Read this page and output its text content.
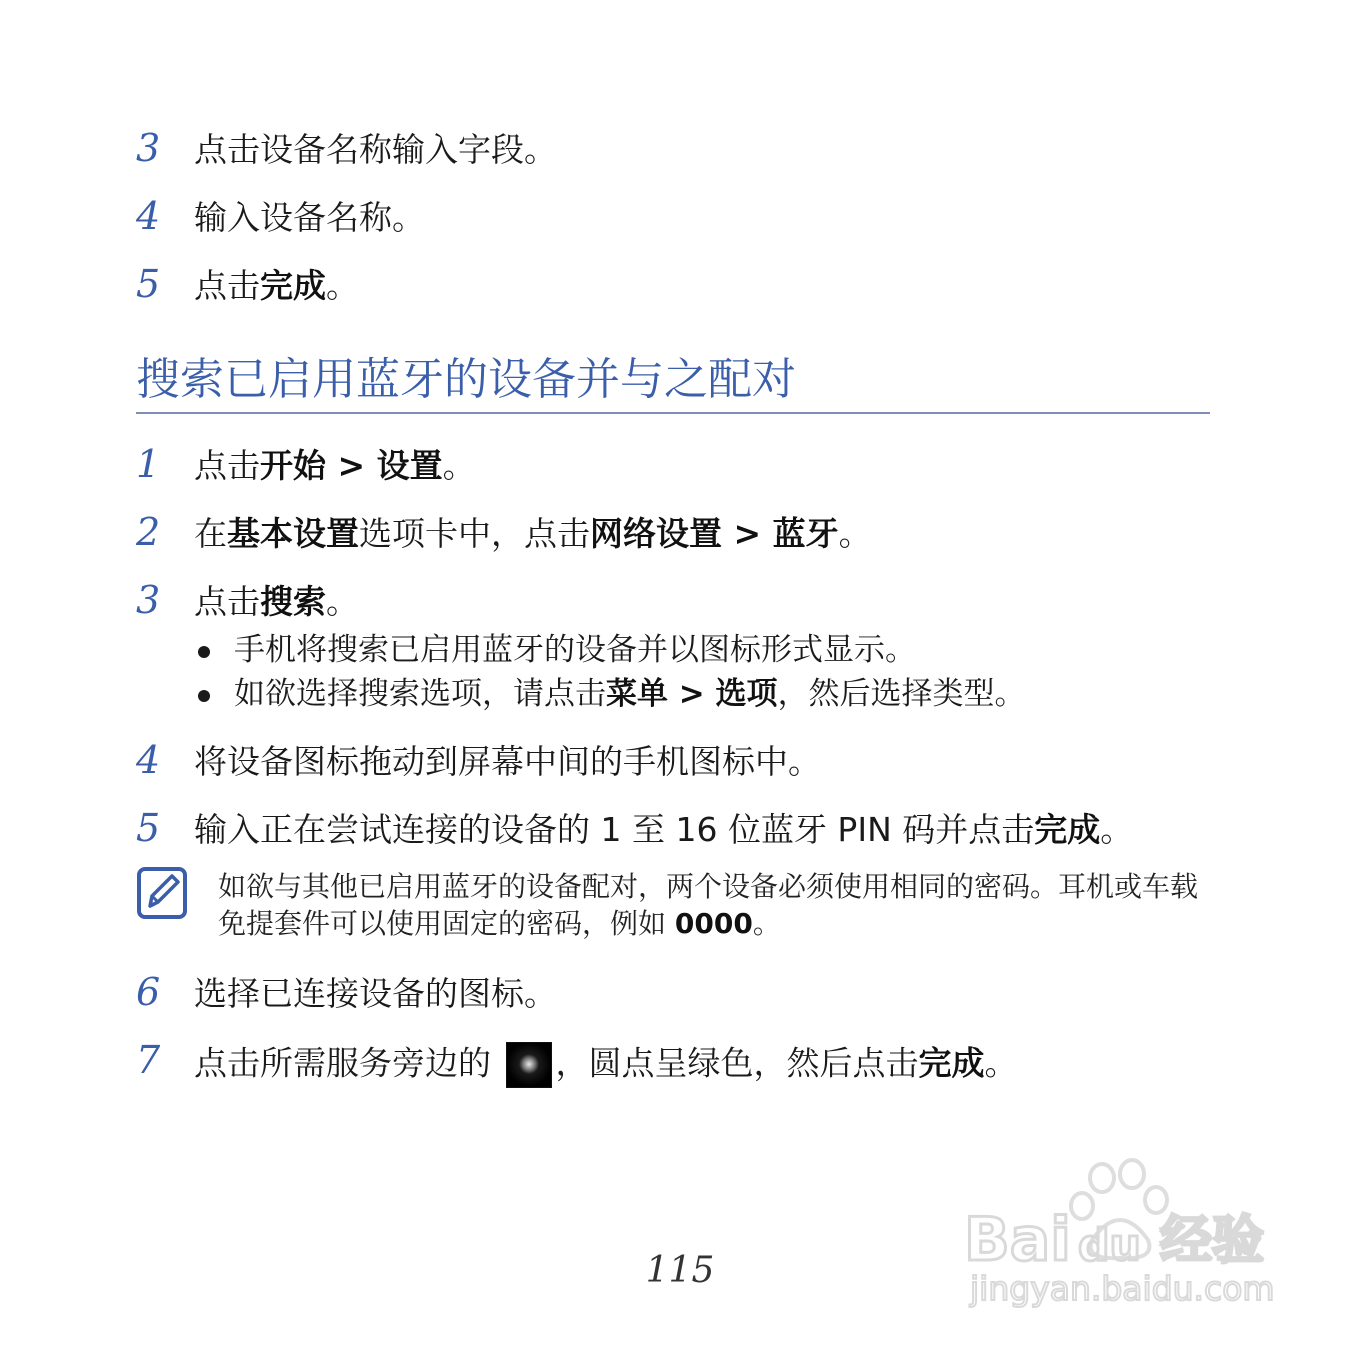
3 点击设备名称输入字段。
4 输入设备名称。
5 点击完成。
搜索已启用蓝牙的设备并与之配对
1 点击开始 > 设置。
2 在基本设置选项卡中，点击网络设置 > 蓝牙。
3 点击搜索。
手机将搜索已启用蓝牙的设备并以图标形式显示。
如欲选择搜索选项，请点击菜单 > 选项，然后选择类型。
4 将设备图标拖动到屏幕中间的手机图标中。
5 输入正在尝试连接的设备的 1 至 16 位蓝牙 PIN 码并点击完成。
如欲与其他已启用蓝牙的设备配对，两个设备必须使用相同的密码。耳机或车载免提套件可以使用固定的密码，例如 0000。
6 选择已连接设备的图标。
7 点击所需服务旁边的 ，圆点呈绿色，然后点击完成。
115	Bai du 经验
jingyan.baidu.com
